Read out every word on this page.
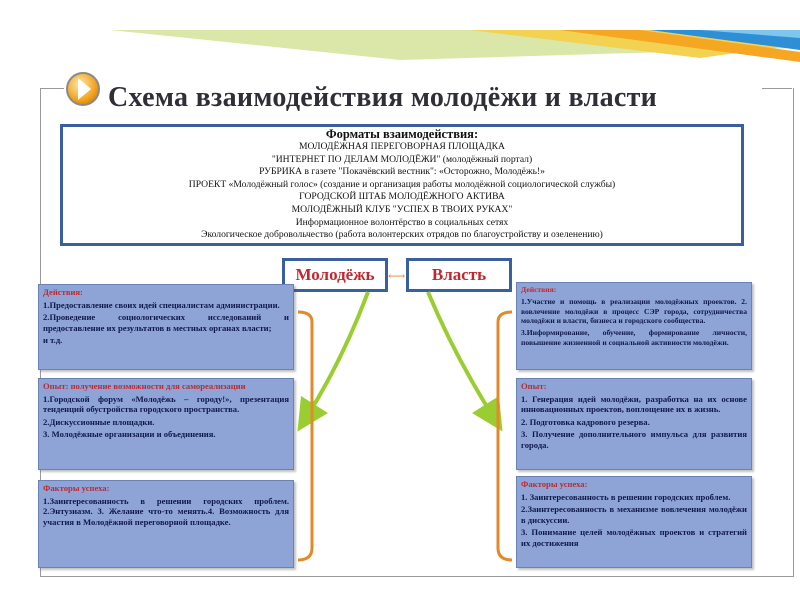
Схема взаимодействия молодёжи и власти
Форматы взаимодействия:
МОЛОДЁЖНАЯ ПЕРЕГОВОРНАЯ ПЛОЩАДКА
"ИНТЕРНЕТ ПО ДЕЛАМ МОЛОДЁЖИ" (молодёжный портал)
РУБРИКА в газете "Покачёвский вестник": «Осторожно, Молодёжь!»
ПРОЕКТ «Молодёжный голос» (создание и организация работы молодёжной социологической службы)
ГОРОДСКОЙ ШТАБ МОЛОДЁЖНОГО АКТИВА
МОЛОДЁЖНЫЙ КЛУБ "УСПЕХ В ТВОИХ РУКАХ"
Информационное волонтёрство в социальных сетях
Экологическое добровольчество (работа волонтерских отрядов по благоустройству и озеленению)
Молодёжь	⟷	Власть

Действия:

1.Предоставление своих идей специалистам администрации.

2.Проведение социологических исследований и предоставление их результатов в местных органах власти;

и т.д.

Опыт: получение возможности для самореализации

1.Городской форум «Молодёжь – городу!», презентация тенденций обустройства городского пространства.

2.Дискуссионные площадки.

3. Молодёжные организации и объединения.

Факторы успеха:

1.Заинтересованность в решении городских проблем. 2.Энтузиазм. 3. Желание что-то менять.4. Возможность для участия в Молодёжной переговорной площадке.

Действия:

1.Участие и помощь в реализации молодёжных проектов. 2. вовлечение молодёжи в процесс СЭР города, сотрудничества молодёжи и власти, бизнеса и городского сообщества.

3.Информирование, обучение, формирование личности, повышение жизненной и социальной активности молодёжи.

Опыт:

1. Генерация идей молодёжи, разработка на их основе инновационных проектов, воплощение их в жизнь.

2. Подготовка кадрового резерва.

3. Получение дополнительного импульса для развития города.

Факторы успеха:

1. Заинтересованность в решении городских проблем.

2.Заинтересованность в механизме вовлечения молодёжи в дискуссии.

3. Понимание целей молодёжных проектов и стратегий их достижения
